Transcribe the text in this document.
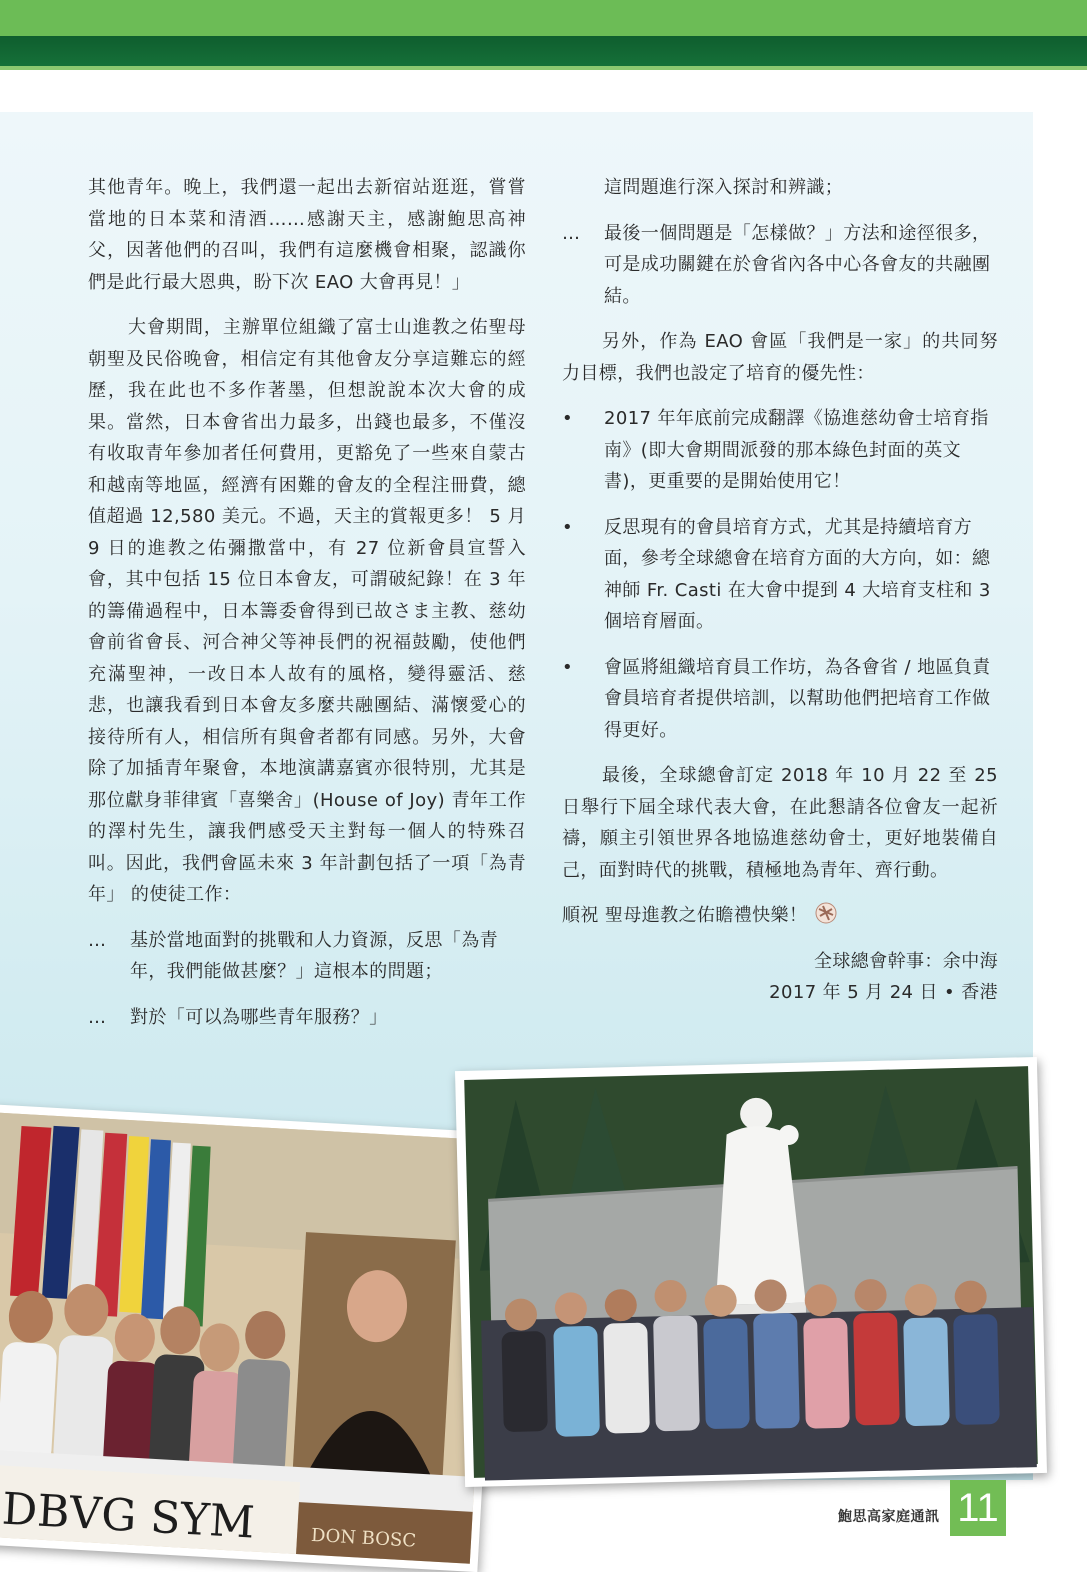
其他青年。晚上，我們還一起出去新宿站逛逛，嘗嘗當地的日本菜和清酒……感謝天主，感謝鮑思高神父，因著他們的召叫，我們有這麼機會相聚，認識你們是此行最大恩典，盼下次 EAO 大會再見！」

大會期間，主辦單位組織了富士山進教之佑聖母朝聖及民俗晚會，相信定有其他會友分享這難忘的經歷，我在此也不多作著墨，但想說說本次大會的成果。當然，日本會省出力最多，出錢也最多，不僅沒有收取青年參加者任何費用，更豁免了一些來自蒙古和越南等地區，經濟有困難的會友的全程注冊費，總值超過 12,580 美元。不過，天主的賞報更多！ 5 月 9 日的進教之佑彌撒當中，有 27 位新會員宣誓入會，其中包括 15 位日本會友，可謂破紀錄！在 3 年的籌備過程中，日本籌委會得到已故さま主教、慈幼會前省會長、河合神父等神長們的祝福鼓勵，使他們充滿聖神，一改日本人故有的風格，變得靈活、慈悲，也讓我看到日本會友多麼共融團結、滿懷愛心的接待所有人，相信所有與會者都有同感。另外，大會除了加插青年聚會，本地演講嘉賓亦很特別，尤其是那位獻身菲律賓「喜樂舍」(House of Joy) 青年工作的澤村先生，讓我們感受天主對每一個人的特殊召叫。因此，我們會區未來 3 年計劃包括了一項「為青年」 的使徒工作：

… 基於當地面對的挑戰和人力資源，反思「為青年，我們能做甚麼？」這根本的問題；

… 對於「可以為哪些青年服務？」

這問題進行深入探討和辨識；

… 最後一個問題是「怎樣做？」方法和途徑很多，可是成功關鍵在於會省內各中心各會友的共融團結。

另外，作為 EAO 會區「我們是一家」的共同努力目標，我們也設定了培育的優先性：

• 2017 年年底前完成翻譯《協進慈幼會士培育指南》(即大會期間派發的那本綠色封面的英文書)，更重要的是開始使用它！

• 反思現有的會員培育方式，尤其是持續培育方面，參考全球總會在培育方面的大方向，如：總神師 Fr. Casti 在大會中提到 4 大培育支柱和 3 個培育層面。

• 會區將組織培育員工作坊，為各會省 / 地區負責會員培育者提供培訓，以幫助他們把培育工作做得更好。

最後，全球總會訂定 2018 年 10 月 22 至 25 日舉行下屆全球代表大會，在此懇請各位會友一起祈禱，願主引領世界各地協進慈幼會士，更好地裝備自己，面對時代的挑戰，積極地為青年、齊行動。

順祝 聖母進教之佑瞻禮快樂！

全球總會幹事：余中海

2017 年 5 月 24 日 • 香港

DBVG SYM	DON BOSC
鮑思高家庭通訊 11
